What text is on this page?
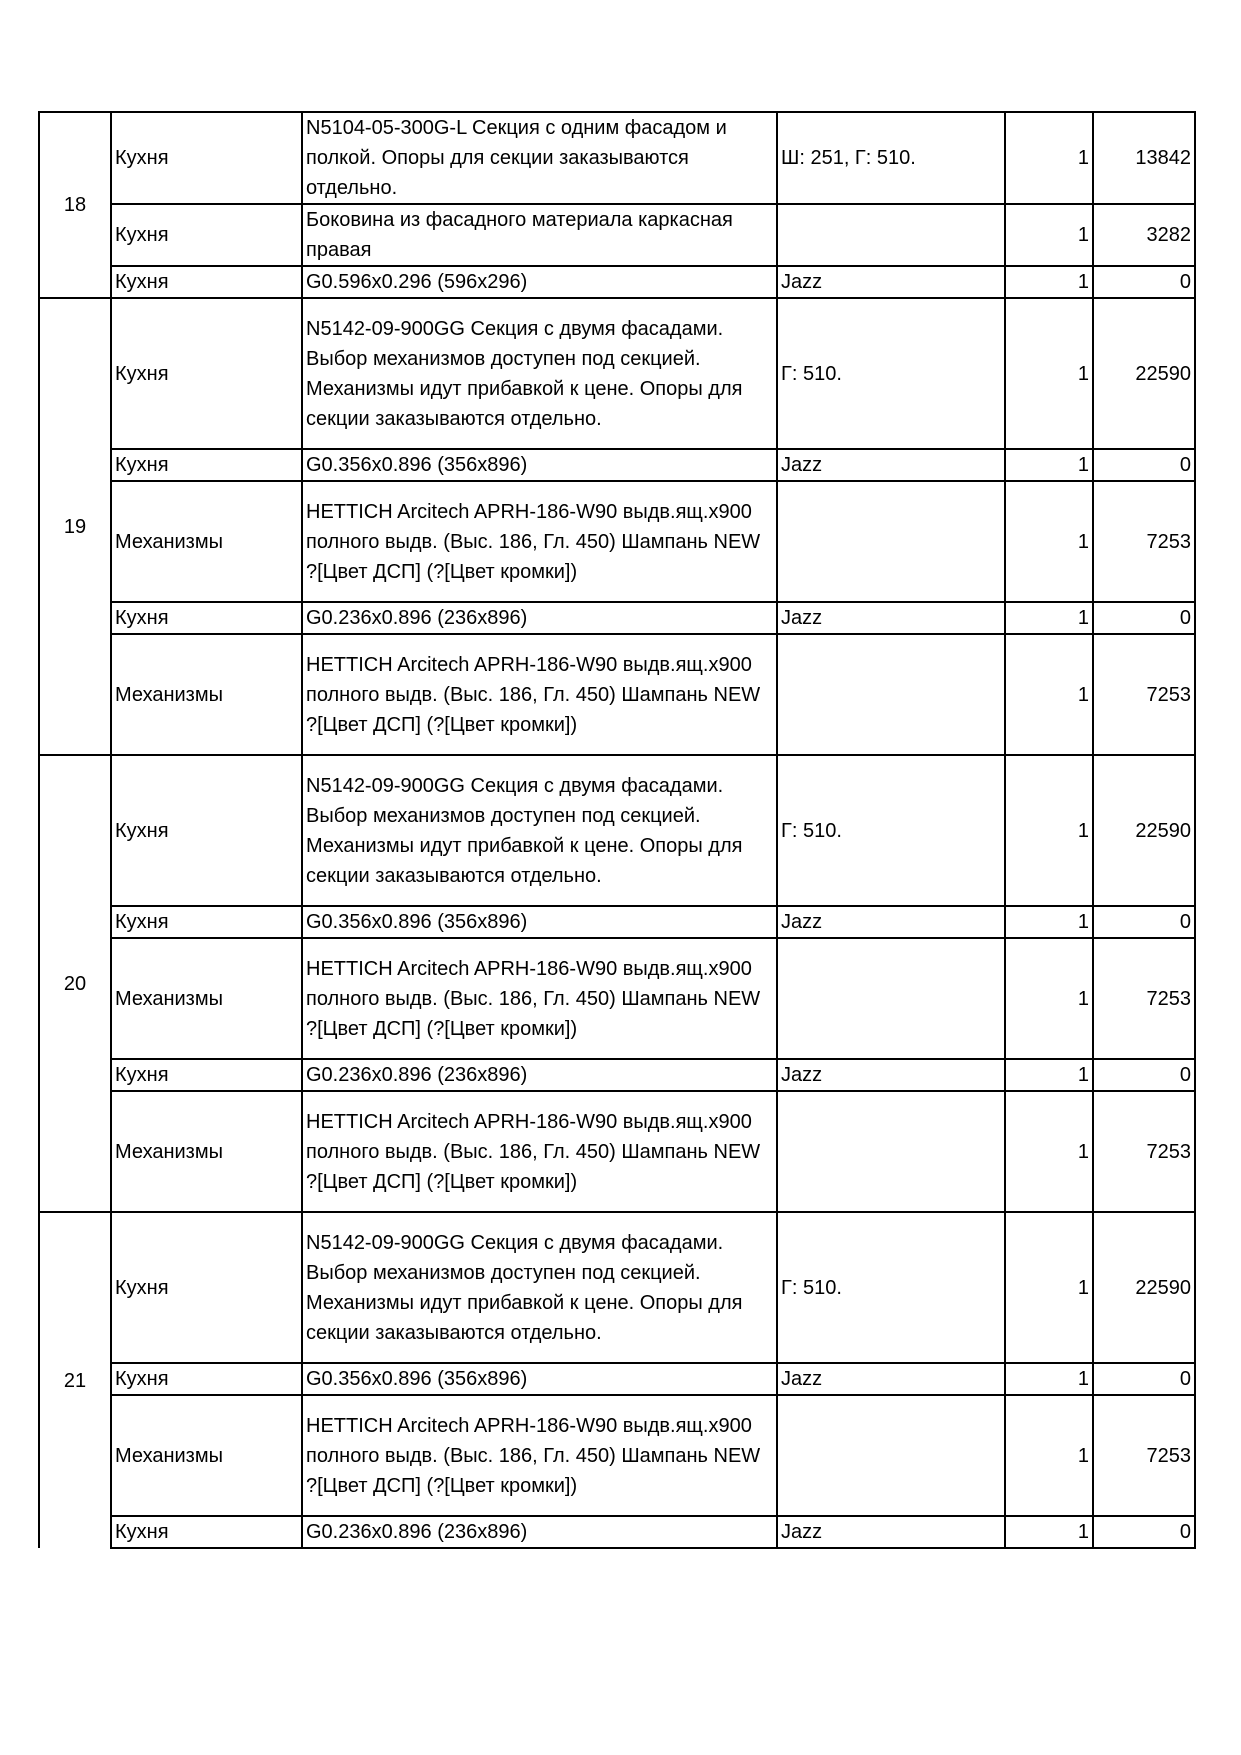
18	Кухня	N5104-05-300G-L Секция с одним фасадом и полкой. Опоры для секции заказываются отдельно.	Ш: 251, Г: 510.	1	13842
	Кухня	Боковина из фасадного материала каркасная правая		1	3282
	Кухня	G0.596x0.296 (596x296)	Jazz	1	0
19	Кухня	N5142-09-900GG Секция с двумя фасадами. Выбор механизмов доступен под секцией. Механизмы идут прибавкой к цене. Опоры для секции заказываются отдельно.	Г: 510.	1	22590
	Кухня	G0.356x0.896 (356x896)	Jazz	1	0
	Механизмы	HETTICH Arcitech APRH-186-W90 выдв.ящ.x900 полного выдв. (Выс. 186, Гл. 450) Шампань NEW ?[Цвет ДСП] (?[Цвет кромки])		1	7253
	Кухня	G0.236x0.896 (236x896)	Jazz	1	0
	Механизмы	HETTICH Arcitech APRH-186-W90 выдв.ящ.x900 полного выдв. (Выс. 186, Гл. 450) Шампань NEW ?[Цвет ДСП] (?[Цвет кромки])		1	7253
20	Кухня	N5142-09-900GG Секция с двумя фасадами. Выбор механизмов доступен под секцией. Механизмы идут прибавкой к цене. Опоры для секции заказываются отдельно.	Г: 510.	1	22590
	Кухня	G0.356x0.896 (356x896)	Jazz	1	0
	Механизмы	HETTICH Arcitech APRH-186-W90 выдв.ящ.x900 полного выдв. (Выс. 186, Гл. 450) Шампань NEW ?[Цвет ДСП] (?[Цвет кромки])		1	7253
	Кухня	G0.236x0.896 (236x896)	Jazz	1	0
	Механизмы	HETTICH Arcitech APRH-186-W90 выдв.ящ.x900 полного выдв. (Выс. 186, Гл. 450) Шампань NEW ?[Цвет ДСП] (?[Цвет кромки])		1	7253
21	Кухня	N5142-09-900GG Секция с двумя фасадами. Выбор механизмов доступен под секцией. Механизмы идут прибавкой к цене. Опоры для секции заказываются отдельно.	Г: 510.	1	22590
	Кухня	G0.356x0.896 (356x896)	Jazz	1	0
	Механизмы	HETTICH Arcitech APRH-186-W90 выдв.ящ.x900 полного выдв. (Выс. 186, Гл. 450) Шампань NEW ?[Цвет ДСП] (?[Цвет кромки])		1	7253
	Кухня	G0.236x0.896 (236x896)	Jazz	1	0
